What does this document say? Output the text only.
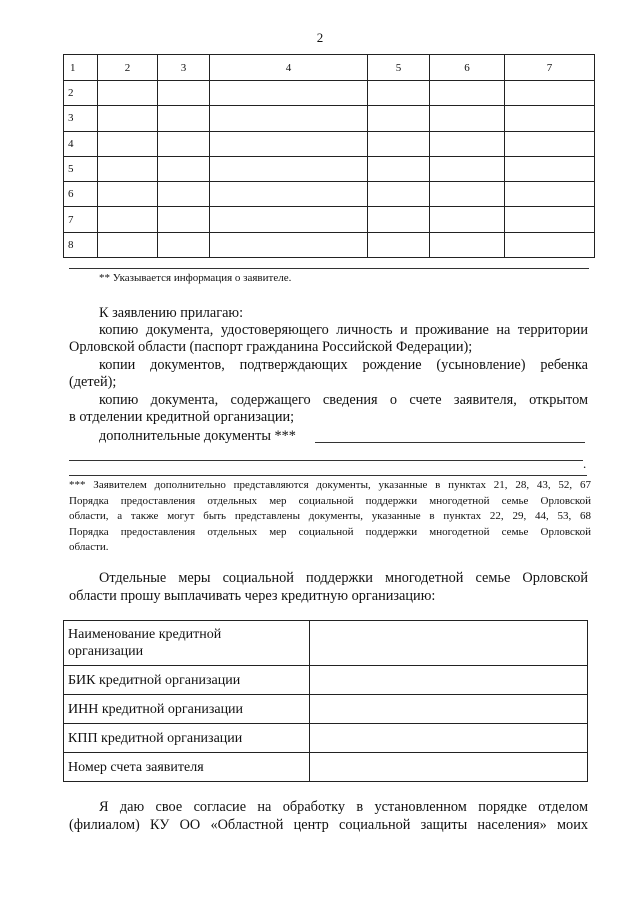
2
1	2	3	4	5	6	7
2						
3						
4						
5						
6						
7						
8						
** Указывается информация о заявителе.
К заявлению прилагаю:
копию документа, удостоверяющего личность и проживание на территории
Орловской области (паспорт гражданина Российской Федерации);
копии документов, подтверждающих рождение (усыновление) ребенка
(детей);
копию документа, содержащего сведения о счете заявителя, открытом
в отделении кредитной организации;
дополнительные документы ***
.
*** Заявителем дополнительно представляются документы, указанные в пунктах 21, 28, 43, 52, 67
Порядка предоставления отдельных мер социальной поддержки многодетной семье Орловской
области, а также могут быть представлены документы, указанные в пунктах 22, 29, 44, 53, 68
Порядка предоставления отдельных мер социальной поддержки многодетной семье Орловской
области.
Отдельные меры социальной поддержки многодетной семье Орловской
области прошу выплачивать через кредитную организацию:
Наименование кредитной
организации	
БИК кредитной организации	
ИНН кредитной организации	
КПП кредитной организации	
Номер счета заявителя	
Я даю свое согласие на обработку в установленном порядке отделом
(филиалом) КУ ОО «Областной центр социальной защиты населения» моих
